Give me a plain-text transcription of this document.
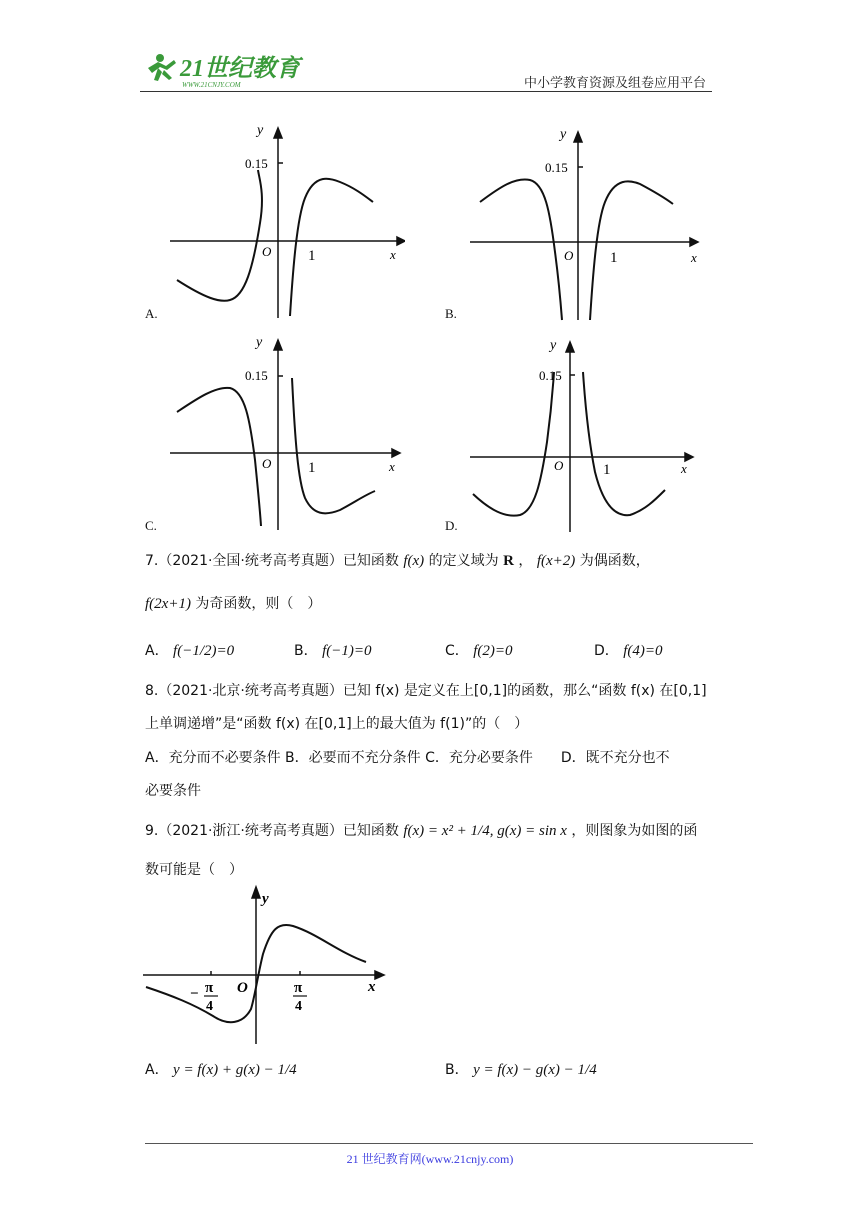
21世纪教育
WWW.21CNJY.COM	中小学教育资源及组卷应用平台
y
0.15
O 1	x
A.
y
0.15
O 1	x
B.
y
0.15
O 1	x
C.
y
0.15
O	1	x
D.
7.（2021·全国·统考高考真题）已知函数 f(x) 的定义域为 R ， f(x+2) 为偶函数，
f(2x+1) 为奇函数，则（　）
A． f(−1/2)=0	B． f(−1)=0	C． f(2)=0	D． f(4)=0
8.（2021·北京·统考高考真题）已知 f(x) 是定义在上[0,1]的函数，那么“函数 f(x) 在[0,1]
上单调递增”是“函数 f(x) 在[0,1]上的最大值为 f(1)”的（　）
A．充分而不必要条件 B．必要而不充分条件 C．充分必要条件　　D．既不充分也不
必要条件
9.（2021·浙江·统考高考真题）已知函数 f(x) = x² + 1/4, g(x) = sin x ，则图象为如图的函
数可能是（　）
y
x
O
− π
4
π
4
A． y = f(x) + g(x) − 1/4	B． y = f(x) − g(x) − 1/4
21 世纪教育网(www.21cnjy.com)
